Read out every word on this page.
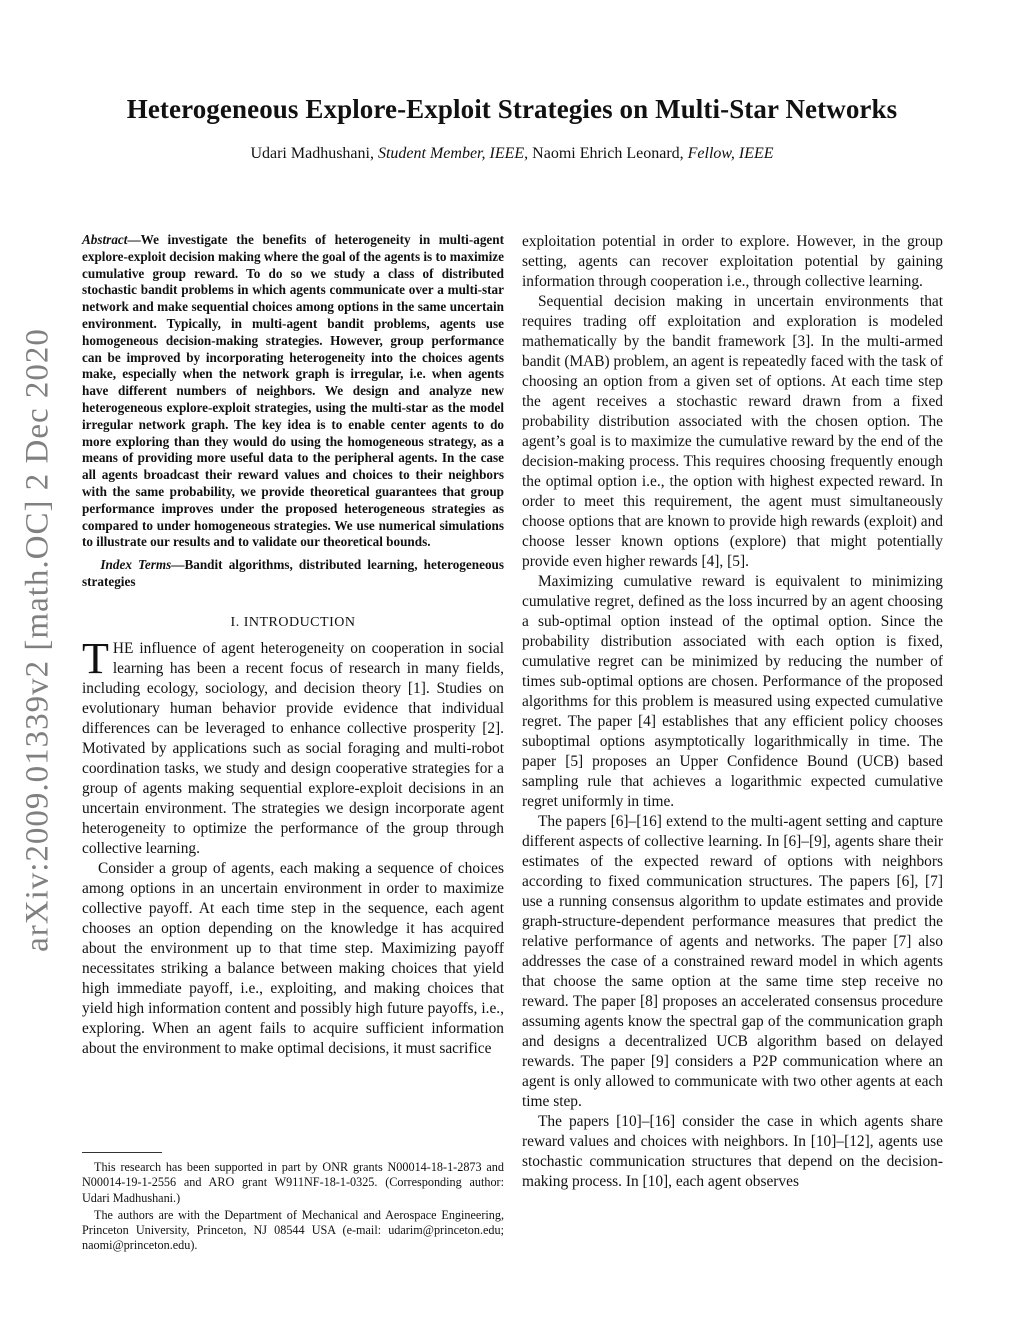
arXiv:2009.01339v2 [math.OC] 2 Dec 2020
Heterogeneous Explore-Exploit Strategies on Multi-Star Networks
Udari Madhushani, Student Member, IEEE, Naomi Ehrich Leonard, Fellow, IEEE
Abstract—We investigate the benefits of heterogeneity in multi-agent explore-exploit decision making where the goal of the agents is to maximize cumulative group reward. To do so we study a class of distributed stochastic bandit problems in which agents communicate over a multi-star network and make sequential choices among options in the same uncertain environment. Typically, in multi-agent bandit problems, agents use homogeneous decision-making strategies. However, group performance can be improved by incorporating heterogeneity into the choices agents make, especially when the network graph is irregular, i.e. when agents have different numbers of neighbors. We design and analyze new heterogeneous explore-exploit strategies, using the multi-star as the model irregular network graph. The key idea is to enable center agents to do more exploring than they would do using the homogeneous strategy, as a means of providing more useful data to the peripheral agents. In the case all agents broadcast their reward values and choices to their neighbors with the same probability, we provide theoretical guarantees that group performance improves under the proposed heterogeneous strategies as compared to under homogeneous strategies. We use numerical simulations to illustrate our results and to validate our theoretical bounds.
Index Terms—Bandit algorithms, distributed learning, heterogeneous strategies
I. INTRODUCTION

THE influence of agent heterogeneity on cooperation in social learning has been a recent focus of research in many fields, including ecology, sociology, and decision theory [1]. Studies on evolutionary human behavior provide evidence that individual differences can be leveraged to enhance collective prosperity [2]. Motivated by applications such as social foraging and multi-robot coordination tasks, we study and design cooperative strategies for a group of agents making sequential explore-exploit decisions in an uncertain environment. The strategies we design incorporate agent heterogeneity to optimize the performance of the group through collective learning.

Consider a group of agents, each making a sequence of choices among options in an uncertain environment in order to maximize collective payoff. At each time step in the sequence, each agent chooses an option depending on the knowledge it has acquired about the environment up to that time step. Maximizing payoff necessitates striking a balance between making choices that yield high immediate payoff, i.e., exploiting, and making choices that yield high information content and possibly high future payoffs, i.e., exploring. When an agent fails to acquire sufficient information about the environment to make optimal decisions, it must sacrifice

exploitation potential in order to explore. However, in the group setting, agents can recover exploitation potential by gaining information through cooperation i.e., through collective learning.

Sequential decision making in uncertain environments that requires trading off exploitation and exploration is modeled mathematically by the bandit framework [3]. In the multi-armed bandit (MAB) problem, an agent is repeatedly faced with the task of choosing an option from a given set of options. At each time step the agent receives a stochastic reward drawn from a fixed probability distribution associated with the chosen option. The agent’s goal is to maximize the cumulative reward by the end of the decision-making process. This requires choosing frequently enough the optimal option i.e., the option with highest expected reward. In order to meet this requirement, the agent must simultaneously choose options that are known to provide high rewards (exploit) and choose lesser known options (explore) that might potentially provide even higher rewards [4], [5].

Maximizing cumulative reward is equivalent to minimizing cumulative regret, defined as the loss incurred by an agent choosing a sub-optimal option instead of the optimal option. Since the probability distribution associated with each option is fixed, cumulative regret can be minimized by reducing the number of times sub-optimal options are chosen. Performance of the proposed algorithms for this problem is measured using expected cumulative regret. The paper [4] establishes that any efficient policy chooses suboptimal options asymptotically logarithmically in time. The paper [5] proposes an Upper Confidence Bound (UCB) based sampling rule that achieves a logarithmic expected cumulative regret uniformly in time.

The papers [6]–[16] extend to the multi-agent setting and capture different aspects of collective learning. In [6]–[9], agents share their estimates of the expected reward of options with neighbors according to fixed communication structures. The papers [6], [7] use a running consensus algorithm to update estimates and provide graph-structure-dependent performance measures that predict the relative performance of agents and networks. The paper [7] also addresses the case of a constrained reward model in which agents that choose the same option at the same time step receive no reward. The paper [8] proposes an accelerated consensus procedure assuming agents know the spectral gap of the communication graph and designs a decentralized UCB algorithm based on delayed rewards. The paper [9] considers a P2P communication where an agent is only allowed to communicate with two other agents at each time step.

The papers [10]–[16] consider the case in which agents share reward values and choices with neighbors. In [10]–[12], agents use stochastic communication structures that depend on the decision-making process. In [10], each agent observes

This research has been supported in part by ONR grants N00014-18-1-2873 and N00014-19-1-2556 and ARO grant W911NF-18-1-0325. (Corresponding author: Udari Madhushani.)

The authors are with the Department of Mechanical and Aerospace Engineering, Princeton University, Princeton, NJ 08544 USA (e-mail: udarim@princeton.edu; naomi@princeton.edu).
